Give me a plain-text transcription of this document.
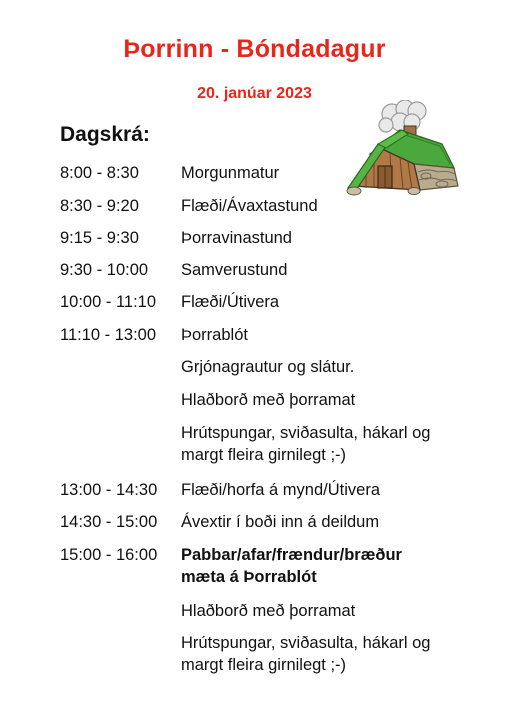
Þorrinn - Bóndadagur
20. janúar 2023
Dagskrá:
8:00 - 8:30	Morgunmatur
8:30 - 9:20	Flæði/Ávaxtastund
9:15 - 9:30	Þorravinastund
9:30 - 10:00 Samverustund
10:00 - 11:10 Flæði/Útivera
11:10 - 13:00 Þorrablót
Grjónagrautur og slátur.
Hlaðborð með þorramat
Hrútspungar, sviðasulta, hákarl og margt fleira girnilegt ;-)
13:00 - 14:30 Flæði/horfa á mynd/Útivera
14:30 - 15:00 Ávextir í boði inn á deildum
15:00 - 16:00 Pabbar/afar/frændur/bræður mæta á Þorrablót
Hlaðborð með þorramat
Hrútspungar, sviðasulta, hákarl og margt fleira girnilegt ;-)
